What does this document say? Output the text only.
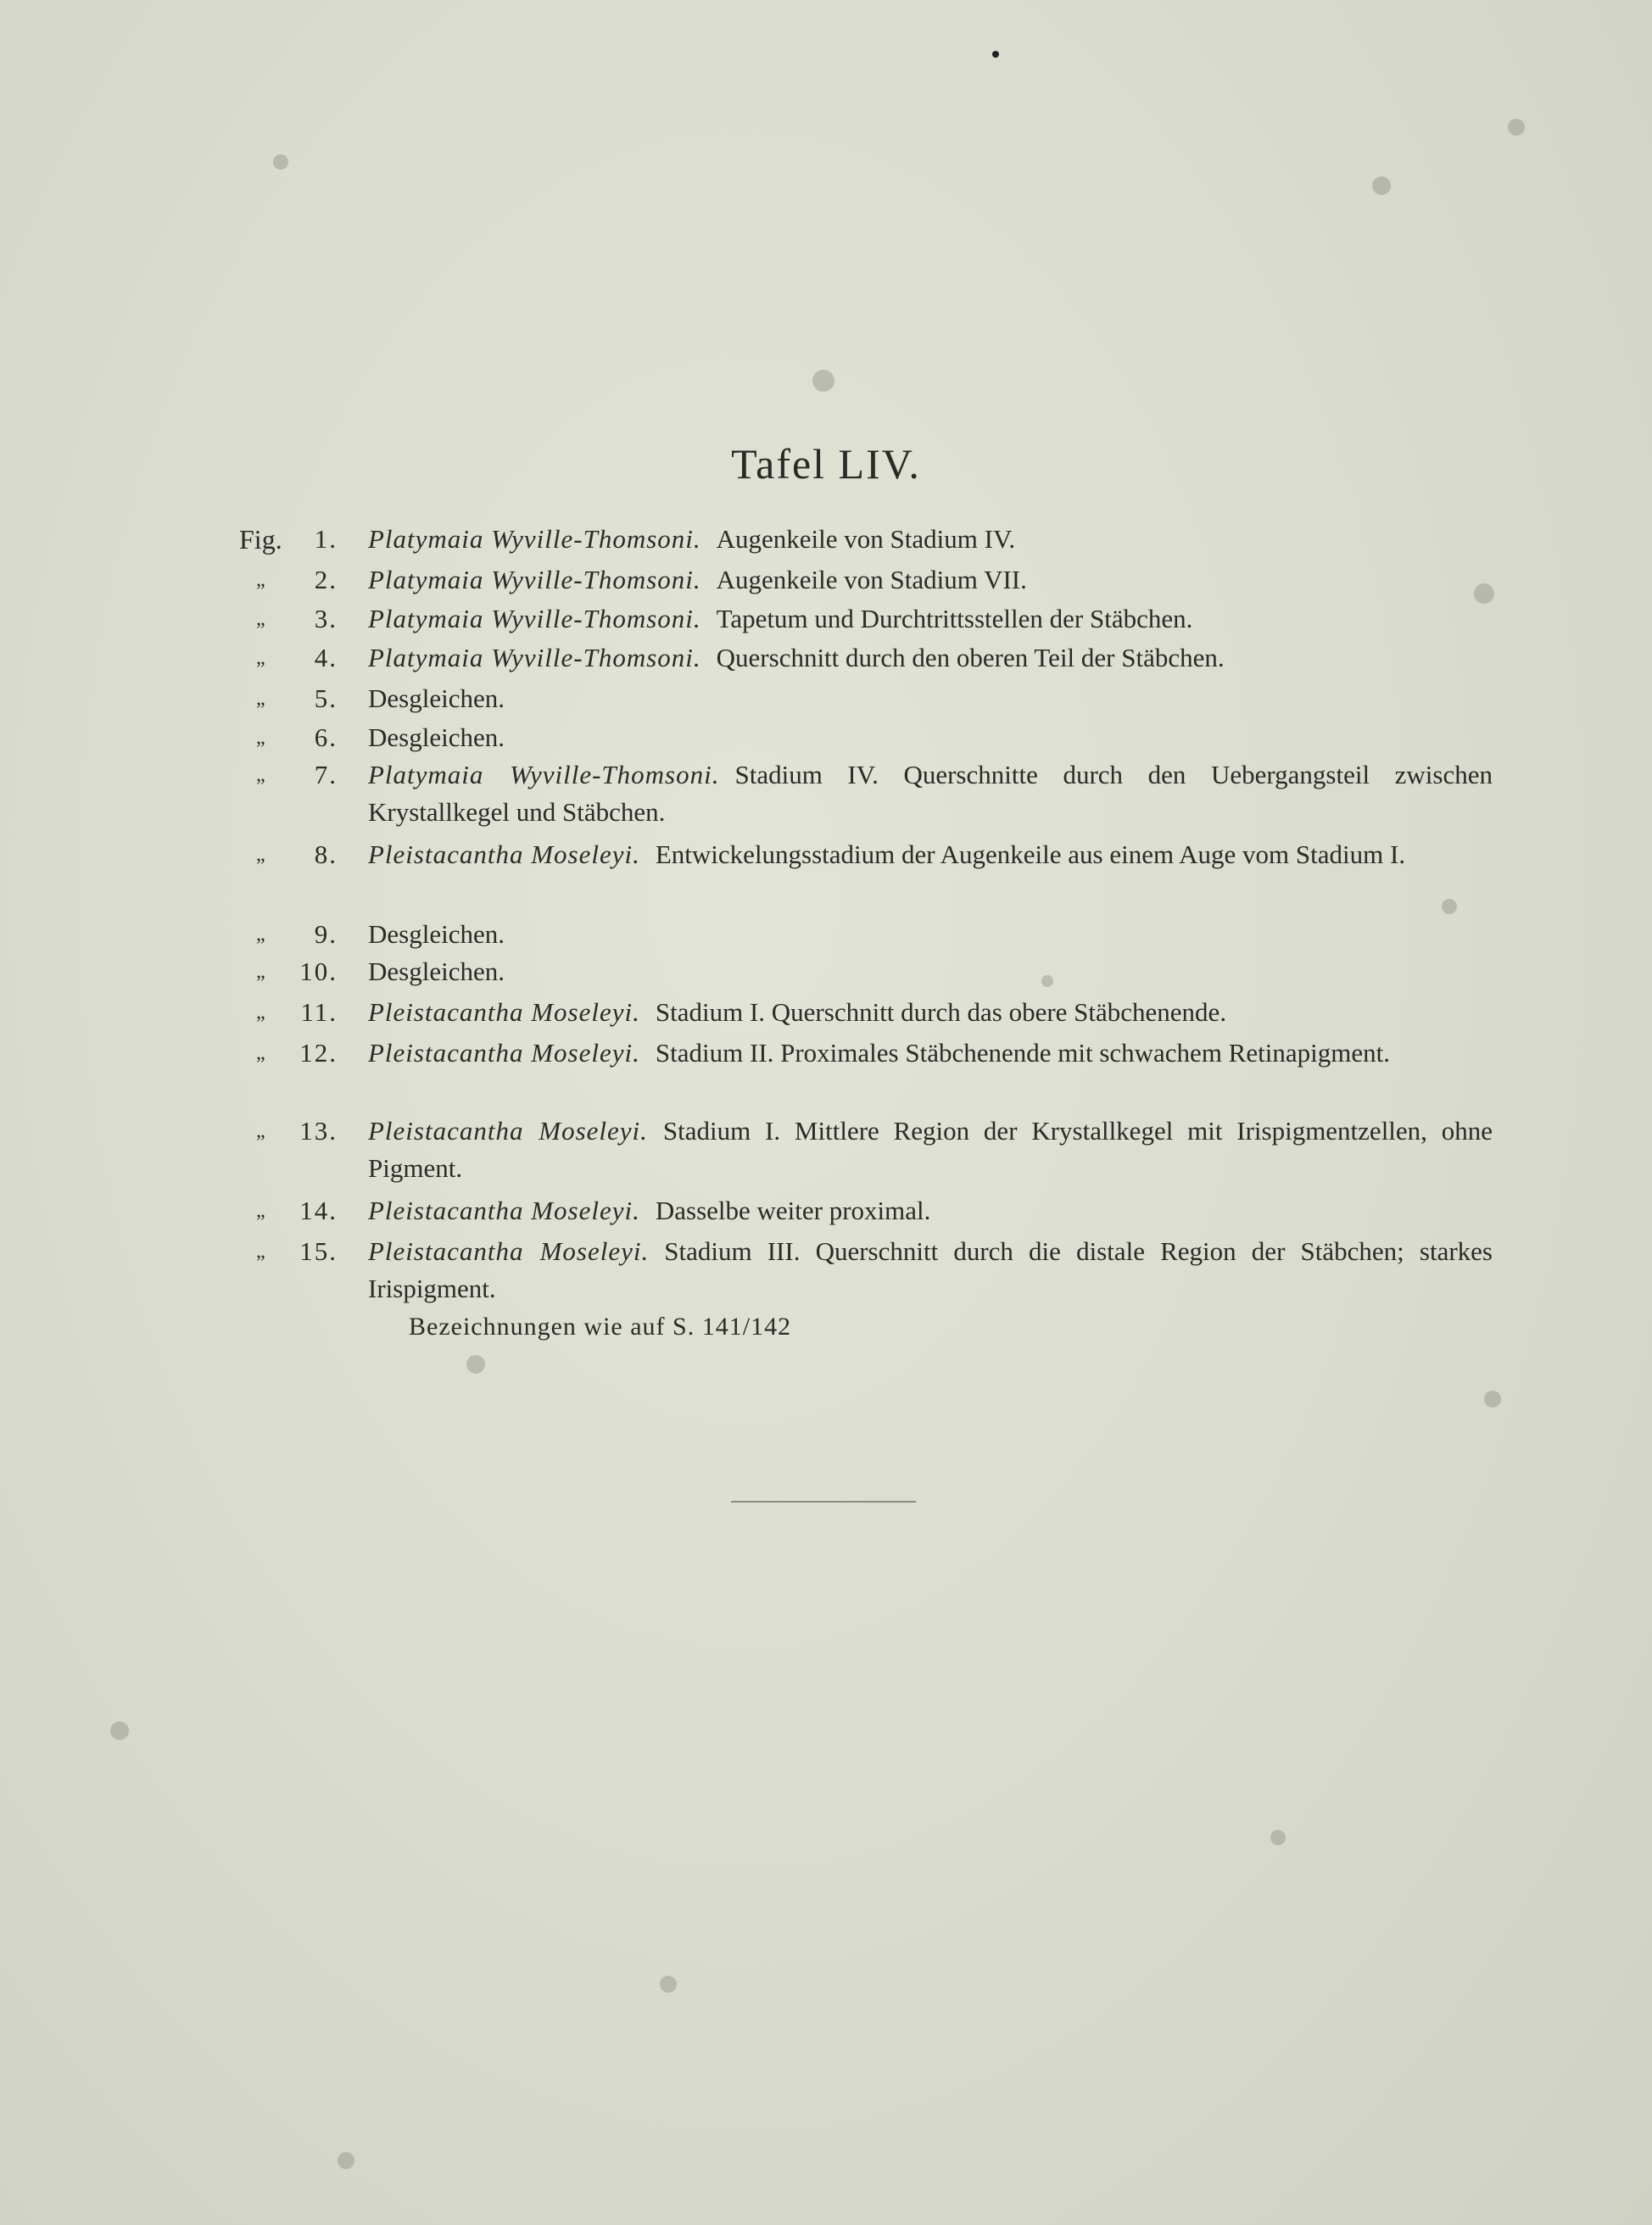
Tafel LIV.
Fig. 1. Platymaia Wyville-Thomsoni. Augenkeile von Stadium IV.
„ 2. Platymaia Wyville-Thomsoni. Augenkeile von Stadium VII.
„ 3. Platymaia Wyville-Thomsoni. Tapetum und Durchtrittsstellen der Stäbchen.
„ 4. Platymaia Wyville-Thomsoni. Querschnitt durch den oberen Teil der Stäbchen.
„ 5. Desgleichen.
„ 6. Desgleichen.
„ 7. Platymaia Wyville-Thomsoni. Stadium IV. Querschnitte durch den Uebergangsteil zwischen Krystallkegel und Stäbchen.
„ 8. Pleistacantha Moseleyi. Entwickelungsstadium der Augenkeile aus einem Auge vom Stadium I.
„ 9. Desgleichen.
„ 10. Desgleichen.
„ 11. Pleistacantha Moseleyi. Stadium I. Querschnitt durch das obere Stäbchenende.
„ 12. Pleistacantha Moseleyi. Stadium II. Proximales Stäbchenende mit schwachem Retinapigment.
„ 13. Pleistacantha Moseleyi. Stadium I. Mittlere Region der Krystallkegel mit Irispigmentzellen, ohne Pigment.
„ 14. Pleistacantha Moseleyi. Dasselbe weiter proximal.
„ 15. Pleistacantha Moseleyi. Stadium III. Querschnitt durch die distale Region der Stäbchen; starkes Irispigment.
Bezeichnungen wie auf S. 141/142
